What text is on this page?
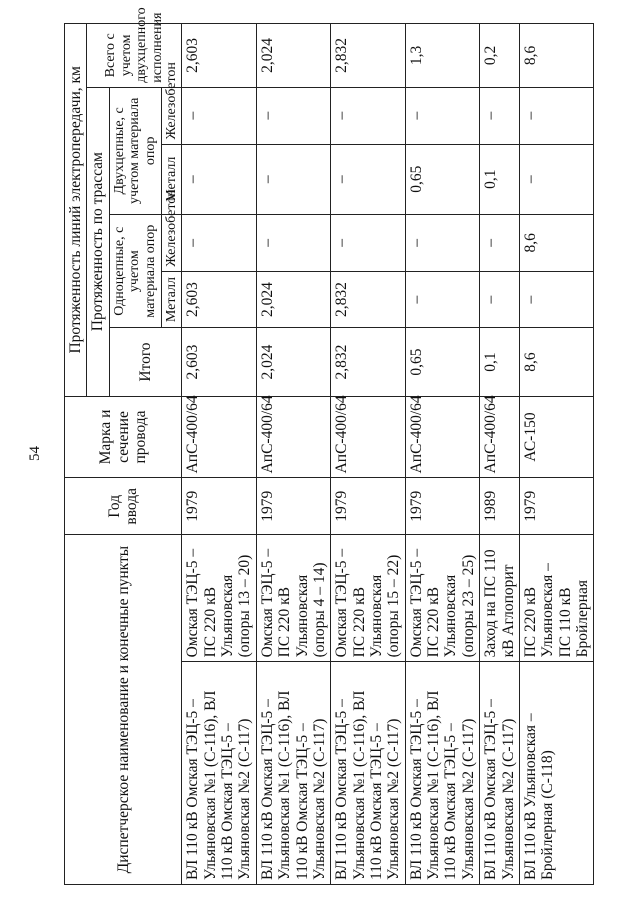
54
Диспетчерское наименование и конечные пункты		Год ввода	Марка и сечение провода	Протяженность линий электропередачи, км					
				Протяженность по трассам					Всего с учетом двухцепного исполнения
				Итого	Одноцепные, с учетом материала опор		Двухцепные, с учетом материала опор		
					Металл	Железобетон	Металл	Железобетон	
ВЛ 110 кВ Омская ТЭЦ-5 – Ульяновская №1 (С-116), ВЛ 110 кВ Омская ТЭЦ-5 – Ульяновская №2 (С-117)	Омская ТЭЦ-5 – ПС 220 кВ Ульяновская (опоры 13 – 20)	1979	АпС-400/64	2,603	2,603	–	–	–	2,603
ВЛ 110 кВ Омская ТЭЦ-5 – Ульяновская №1 (С-116), ВЛ 110 кВ Омская ТЭЦ-5 – Ульяновская №2 (С-117)	Омская ТЭЦ-5 – ПС 220 кВ Ульяновская (опоры 4 – 14)	1979	АпС-400/64	2,024	2,024	–	–	–	2,024
ВЛ 110 кВ Омская ТЭЦ-5 – Ульяновская №1 (С-116), ВЛ 110 кВ Омская ТЭЦ-5 – Ульяновская №2 (С-117)	Омская ТЭЦ-5 – ПС 220 кВ Ульяновская (опоры 15 – 22)	1979	АпС-400/64	2,832	2,832	–	–	–	2,832
ВЛ 110 кВ Омская ТЭЦ-5 – Ульяновская №1 (С-116), ВЛ 110 кВ Омская ТЭЦ-5 – Ульяновская №2 (С-117)	Омская ТЭЦ-5 – ПС 220 кВ Ульяновская (опоры 23 – 25)	1979	АпС-400/64	0,65	–	–	0,65	–	1,3
ВЛ 110 кВ Омская ТЭЦ-5 – Ульяновская №2 (С-117)	Заход на ПС 110 кВ Аглопорит	1989	АпС-400/64	0,1	–	–	0,1	–	0,2
ВЛ 110 кВ Ульяновская – Бройлерная (С-118)	ПС 220 кВ Ульяновская – ПС 110 кВ Бройлерная	1979	АС-150	8,6	–	8,6	–	–	8,6
